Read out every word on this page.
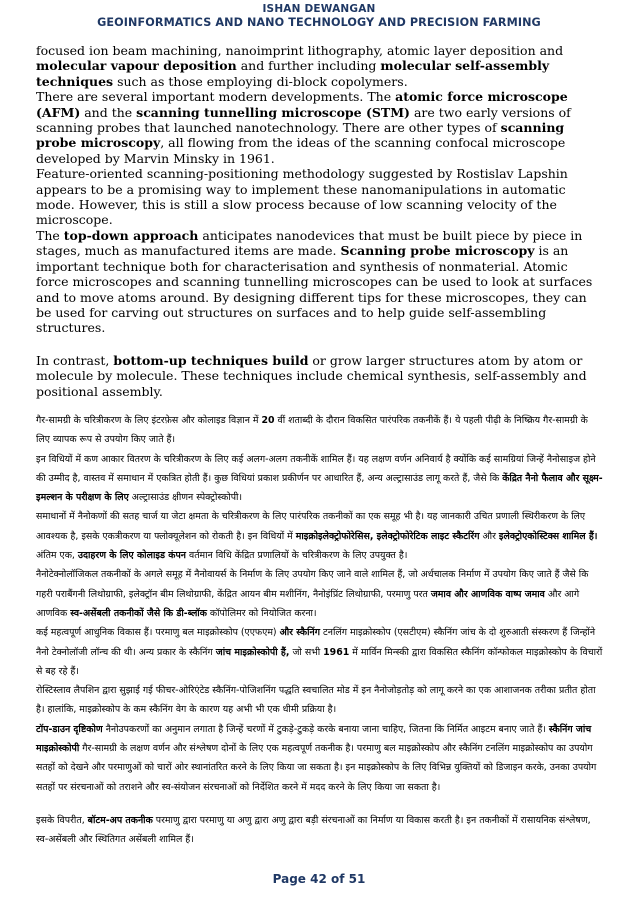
ISHAN DEWANGAN
GEOINFORMATICS AND NANO TECHNOLOGY AND PRECISION FARMING

focused ion beam machining, nanoimprint lithography, atomic layer deposition and molecular vapour deposition and further including molecular self-assembly techniques such as those employing di-block copolymers.

There are several important modern developments. The atomic force microscope (AFM) and the scanning tunnelling microscope (STM) are two early versions of scanning probes that launched nanotechnology. There are other types of scanning probe microscopy, all flowing from the ideas of the scanning confocal microscope developed by Marvin Minsky in 1961.

Feature-oriented scanning-positioning methodology suggested by Rostislav Lapshin appears to be a promising way to implement these nanomanipulations in automatic mode. However, this is still a slow process because of low scanning velocity of the microscope.

The top-down approach anticipates nanodevices that must be built piece by piece in stages, much as manufactured items are made. Scanning probe microscopy is an important technique both for characterisation and synthesis of nonmaterial. Atomic force microscopes and scanning tunnelling microscopes can be used to look at surfaces and to move atoms around. By designing different tips for these microscopes, they can be used for carving out structures on surfaces and to help guide self-assembling structures.

In contrast, bottom-up techniques build or grow larger structures atom by atom or molecule by molecule. These techniques include chemical synthesis, self-assembly and positional assembly.

गैर-सामग्री के चरित्रीकरण के लिए इंटरफ़ेस और कोलाइड विज्ञान में 20 वीं शताब्दी के दौरान विकसित पारंपरिक तकनीकें हैं। ये पहली पीढ़ी के निष्क्रिय गैर-सामग्री के लिए व्यापक रूप से उपयोग किए जाते हैं।

इन विधियों में कण आकार वितरण के चरित्रीकरण के लिए कई अलग-अलग तकनीकें शामिल हैं। यह लक्षण वर्णन अनिवार्य है क्योंकि कई सामग्रियां जिन्हें नैनोसाइज होने की उम्मीद है, वास्तव में समाधान में एकत्रित होती हैं। कुछ विधियां प्रकाश प्रकीर्णन पर आधारित हैं, अन्य अल्ट्रासाउंड लागू करते हैं, जैसे कि केंद्रित नैनो फैलाव और सूक्ष्म-इमल्शन के परीक्षण के लिए अल्ट्रासाउंड क्षीणन स्पेक्ट्रोस्कोपी।

समाधानों में नैनोकणों की सतह चार्ज या जेटा क्षमता के चरित्रीकरण के लिए पारंपरिक तकनीकों का एक समूह भी है। यह जानकारी उचित प्रणाली स्थिरीकरण के लिए आवश्यक है, इसके एकत्रीकरण या फ्लोक्यूलेशन को रोकती है। इन विधियों में माइक्रोइलेक्ट्रोफोरेसिस, इलेक्ट्रोफोरेटिक लाइट स्कैटरिंग और इलेक्ट्रोएकोस्टिक्स शामिल हैं। अंतिम एक, उदाहरण के लिए कोलाइड कंपन वर्तमान विधि केंद्रित प्रणालियों के चरित्रीकरण के लिए उपयुक्त है।

नैनोटेक्नोलॉजिकल तकनीकों के अगले समूह में नैनोवायर्स के निर्माण के लिए उपयोग किए जाने वाले शामिल हैं, जो अर्धचालक निर्माण में उपयोग किए जाते हैं जैसे कि गहरी पराबैंगनी लिथोग्राफी, इलेक्ट्रॉन बीम लिथोग्राफी, केंद्रित आयन बीम मशीनिंग, नैनोइंप्रिंट लिथोग्राफी, परमाणु परत जमाव और आणविक वाष्प जमाव और आगे आणविक स्व-असेंबली तकनीकों जैसे कि डी-ब्लॉक कॉपोलिमर को नियोजित करना।

कई महत्वपूर्ण आधुनिक विकास हैं। परमाणु बल माइक्रोस्कोप (एएफएम) और स्कैनिंग टनलिंग माइक्रोस्कोप (एसटीएम) स्कैनिंग जांच के दो शुरुआती संस्करण हैं जिन्होंने नैनो टेक्नोलॉजी लॉन्च की थी। अन्य प्रकार के स्कैनिंग जांच माइक्रोस्कोपी हैं, जो सभी 1961 में मार्विन मिन्स्की द्वारा विकसित स्कैनिंग कॉन्फोकल माइक्रोस्कोप के विचारों से बह रहे हैं।

रोस्टिस्लाव लैपशिन द्वारा सुझाई गई फीचर-ओरिएंटेड स्कैनिंग-पोजिशनिंग पद्धति स्वचालित मोड में इन नैनोजोड़तोड़ को लागू करने का एक आशाजनक तरीका प्रतीत होता है। हालांकि, माइक्रोस्कोप के कम स्कैनिंग वेग के कारण यह अभी भी एक धीमी प्रक्रिया है।

टॉप-डाउन दृष्टिकोण नैनोउपकरणों का अनुमान लगाता है जिन्हें चरणों में टुकड़े-टुकड़े करके बनाया जाना चाहिए, जितना कि निर्मित आइटम बनाए जाते हैं। स्कैनिंग जांच माइक्रोस्कोपी गैर-सामग्री के लक्षण वर्णन और संश्लेषण दोनों के लिए एक महत्वपूर्ण तकनीक है। परमाणु बल माइक्रोस्कोप और स्कैनिंग टनलिंग माइक्रोस्कोप का उपयोग सतहों को देखने और परमाणुओं को चारों ओर स्थानांतरित करने के लिए किया जा सकता है। इन माइक्रोस्कोप के लिए विभिन्न युक्तियों को डिजाइन करके, उनका उपयोग सतहों पर संरचनाओं को तराशने और स्व-संयोजन संरचनाओं को निर्देशित करने में मदद करने के लिए किया जा सकता है।

इसके विपरीत, बॉटम-अप तकनीक परमाणु द्वारा परमाणु या अणु द्वारा अणु द्वारा बड़ी संरचनाओं का निर्माण या विकास करती है। इन तकनीकों में रासायनिक संश्लेषण, स्व-असेंबली और स्थितिगत असेंबली शामिल हैं।

Page 42 of 51
